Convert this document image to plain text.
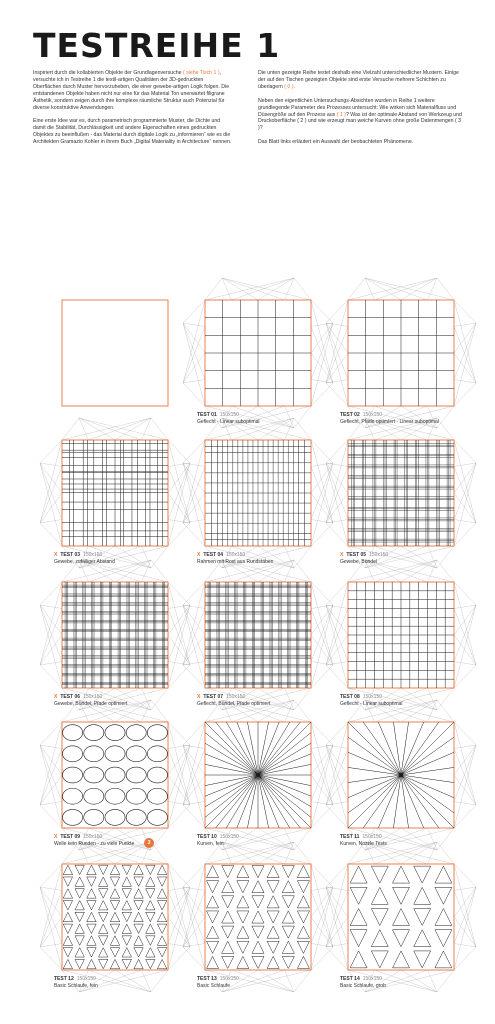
TESTREIHE 1

Inspiriert durch die kollabierten Objekte der Grundlagenversuche ( siehe Tisch 1 ), versuchte ich in Testreihe 1 die textil-artigen Qualitäten der 3D-gedruckten Oberflächen durch Muster hervorzuheben, die einer gewebe-artigen Logik folgen. Die entstandenen Objekte haben nicht nur eine für das Material Ton unerwartet filigrane Ästhetik, sondern zeigen durch ihre komplexe räumliche Struktur auch Potenzial für diverse konstruktive Anwendungen.

Eine erste Idee war es, durch parametrisch programmierte Muster, die Dichte und damit die Stabilität, Durchlässigkeit und andere Eigenschaften eines gedruckten Objektes zu beeinflußen - das Material durch digitale Logik zu „informieren“ wie es die Architekten Gramazio Kohler in ihrem Buch „Digital Materiality in Architecture“ nennen.

Die unten gezeigte Reihe testet deshalb eine Vielzahl unterschiedlicher Mustern. Einige der auf den Tischen gezeigten Objekte sind erste Versuche mehrere Schichten zu überlagern ( 0 ).

Neben den eigentlichen Untersuchungs-Absichten wurden in Reihe 1 weitere grundlegende Parameter des Prozesses untersucht: Wie wirken sich Materialfluss und Düsengröße auf den Prozess aus ( 1 )? Was ist der optimale Abstand von Werkzeug und Druckoberfläche ( 2 ) und wie erzeugt man weiche Kurven ohne große Datenmengen ( 3 )?

Das Blatt links erläutert ein Auswahl der beobachteten Phänomene.

3
TEST 01 150x150
Geflecht - Linear suboptimal
TEST 02 150x150
Geflecht, Pfade optimiert - Linear suboptimal
X TEST 03 150x150
Gewebe, zufälliger Abstand
X TEST 04 150x150
Rahmen mit Rost aus Rundstäben
X TEST 05 150x150
Gewebe, Bündel
X TEST 06 150x150
Gewebe, Bündel, Pfade optimiert
X TEST 07 150x150
Geflecht, Bündel, Pfade optimiert
TEST 08 150x150
Geflecht - Linear suboptimal
X TEST 09 150x150
Welle kein Runden - zu viele Punkte
TEST 10 150x150
Kurven, fein
TEST 11 150x150
Kurven, Nozzle Tests
TEST 12 150x150
Basic Schlaufe, fein
TEST 13 150x150
Basic Schlaufe
TEST 14 150x150
Basic Schlaufe, grob
